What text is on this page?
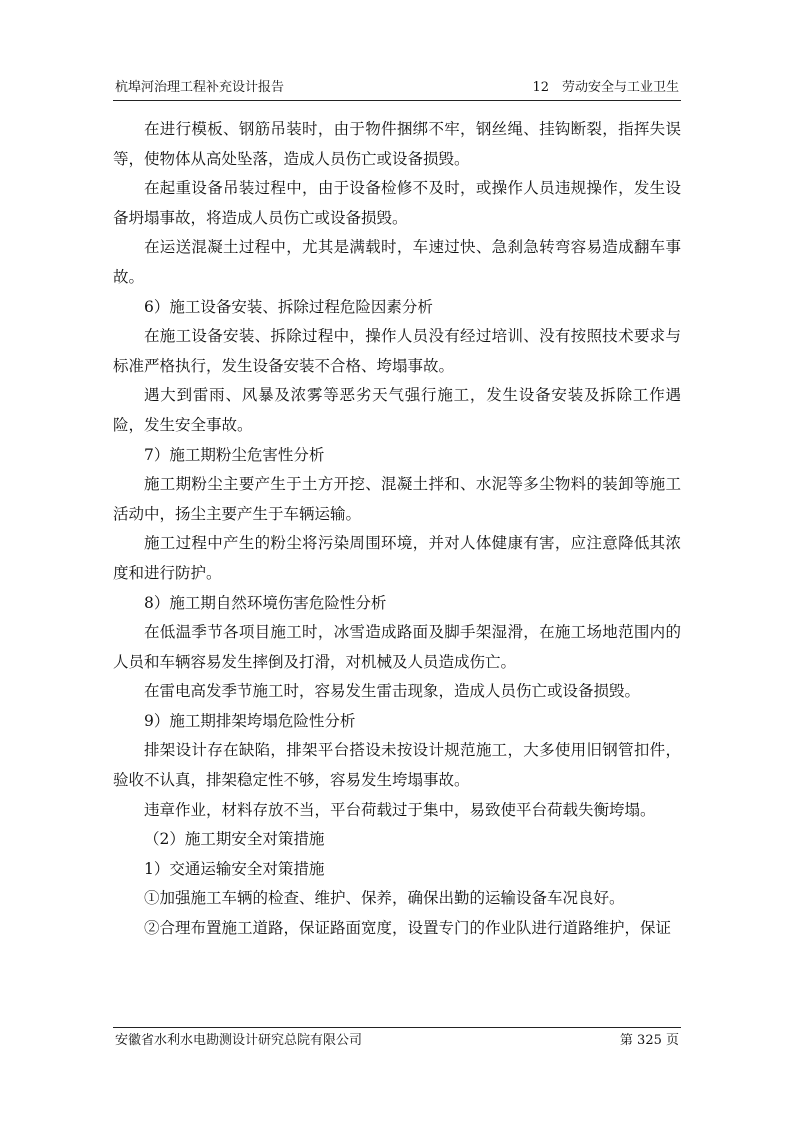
杭埠河治理工程补充设计报告	12　劳动安全与工业卫生

在进行模板、钢筋吊装时，由于物件捆绑不牢，钢丝绳、挂钩断裂，指挥失误等，使物体从高处坠落，造成人员伤亡或设备损毁。

在起重设备吊装过程中，由于设备检修不及时，或操作人员违规操作，发生设备坍塌事故，将造成人员伤亡或设备损毁。

在运送混凝土过程中，尤其是满载时，车速过快、急刹急转弯容易造成翻车事故。

6）施工设备安装、拆除过程危险因素分析

在施工设备安装、拆除过程中，操作人员没有经过培训、没有按照技术要求与标准严格执行，发生设备安装不合格、垮塌事故。

遇大到雷雨、风暴及浓雾等恶劣天气强行施工，发生设备安装及拆除工作遇险，发生安全事故。

7）施工期粉尘危害性分析

施工期粉尘主要产生于土方开挖、混凝土拌和、水泥等多尘物料的装卸等施工活动中，扬尘主要产生于车辆运输。

施工过程中产生的粉尘将污染周围环境，并对人体健康有害，应注意降低其浓度和进行防护。

8）施工期自然环境伤害危险性分析

在低温季节各项目施工时，冰雪造成路面及脚手架湿滑，在施工场地范围内的人员和车辆容易发生摔倒及打滑，对机械及人员造成伤亡。

在雷电高发季节施工时，容易发生雷击现象，造成人员伤亡或设备损毁。

9）施工期排架垮塌危险性分析

排架设计存在缺陷，排架平台搭设未按设计规范施工，大多使用旧钢管扣件，验收不认真，排架稳定性不够，容易发生垮塌事故。

违章作业，材料存放不当，平台荷载过于集中，易致使平台荷载失衡垮塌。

（2）施工期安全对策措施

1）交通运输安全对策措施

①加强施工车辆的检查、维护、保养，确保出勤的运输设备车况良好。

②合理布置施工道路，保证路面宽度，设置专门的作业队进行道路维护，保证

安徽省水利水电勘测设计研究总院有限公司	第 325 页
